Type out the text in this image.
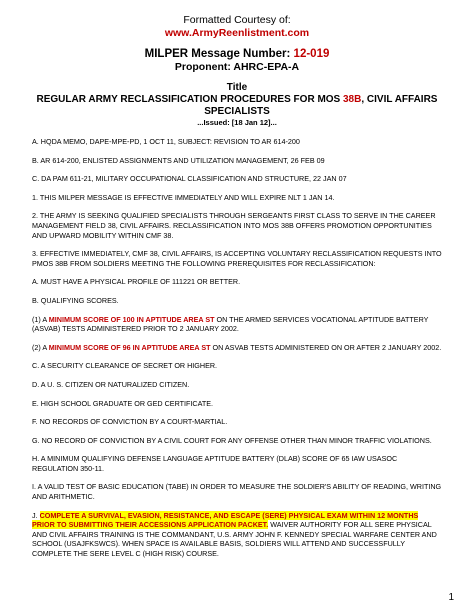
Formatted Courtesy of:
www.ArmyReenlistment.com
MILPER Message Number: 12-019
Proponent: AHRC-EPA-A
Title
REGULAR ARMY RECLASSIFICATION PROCEDURES FOR MOS 38B, CIVIL AFFAIRS SPECIALISTS
...Issued: [18 Jan 12]...

A. HQDA MEMO, DAPE-MPE-PD, 1 OCT 11, SUBJECT: REVISION TO AR 614-200

B. AR 614-200, ENLISTED ASSIGNMENTS AND UTILIZATION MANAGEMENT, 26 FEB 09

C. DA PAM 611-21, MILITARY OCCUPATIONAL CLASSIFICATION AND STRUCTURE, 22 JAN 07

1. THIS MILPER MESSAGE IS EFFECTIVE IMMEDIATELY AND WILL EXPIRE NLT 1 JAN 14.

2. THE ARMY IS SEEKING QUALIFIED SPECIALISTS THROUGH SERGEANTS FIRST CLASS TO SERVE IN THE CAREER MANAGEMENT FIELD 38, CIVIL AFFAIRS. RECLASSIFICATION INTO MOS 38B OFFERS PROMOTION OPPORTUNITIES AND UPWARD MOBILITY WITHIN CMF 38.

3. EFFECTIVE IMMEDIATELY, CMF 38, CIVIL AFFAIRS, IS ACCEPTING VOLUNTARY RECLASSIFICATION REQUESTS INTO PMOS 38B FROM SOLDIERS MEETING THE FOLLOWING PREREQUISITES FOR RECLASSIFICATION:

A. MUST HAVE A PHYSICAL PROFILE OF 111221 OR BETTER.

B. QUALIFYING SCORES.

(1) A MINIMUM SCORE OF 100 IN APTITUDE AREA ST ON THE ARMED SERVICES VOCATIONAL APTITUDE BATTERY (ASVAB) TESTS ADMINISTERED PRIOR TO 2 JANUARY 2002.

(2) A MINIMUM SCORE OF 96 IN APTITUDE AREA ST ON ASVAB TESTS ADMINISTERED ON OR AFTER 2 JANUARY 2002.

C. A SECURITY CLEARANCE OF SECRET OR HIGHER.

D. A U. S. CITIZEN OR NATURALIZED CITIZEN.

E. HIGH SCHOOL GRADUATE OR GED CERTIFICATE.

F. NO RECORDS OF CONVICTION BY A COURT-MARTIAL.

G. NO RECORD OF CONVICTION BY A CIVIL COURT FOR ANY OFFENSE OTHER THAN MINOR TRAFFIC VIOLATIONS.

H. A MINIMUM QUALIFYING DEFENSE LANGUAGE APTITUDE BATTERY (DLAB) SCORE OF 65 IAW USASOC REGULATION 350-11.

I. A VALID TEST OF BASIC EDUCATION (TABE) IN ORDER TO MEASURE THE SOLDIER'S ABILITY OF READING, WRITING AND ARITHMETIC.

J. COMPLETE A SURVIVAL, EVASION, RESISTANCE, AND ESCAPE (SERE) PHYSICAL EXAM WITHIN 12 MONTHS PRIOR TO SUBMITTING THEIR ACCESSIONS APPLICATION PACKET. WAIVER AUTHORITY FOR ALL SERE PHYSICAL AND CIVIL AFFAIRS TRAINING IS THE COMMANDANT, U.S. ARMY JOHN F. KENNEDY SPECIAL WARFARE CENTER AND SCHOOL (USAJFKSWCS). WHEN SPACE IS AVAILABLE BASIS, SOLDIERS WILL ATTEND AND SUCCESSFULLY COMPLETE THE SERE LEVEL C (HIGH RISK) COURSE.

1
